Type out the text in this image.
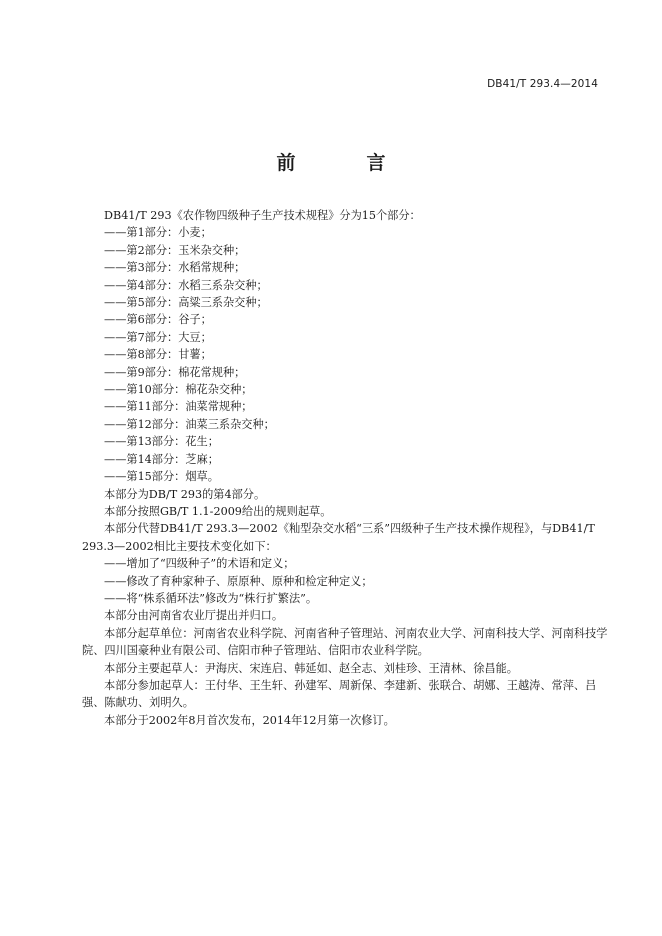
DB41/T 293.4—2014
前　言

DB41/T 293《农作物四级种子生产技术规程》分为15个部分：

——第1部分：小麦；

——第2部分：玉米杂交种；

——第3部分：水稻常规种；

——第4部分：水稻三系杂交种；

——第5部分：高粱三系杂交种；

——第6部分：谷子；

——第7部分：大豆；

——第8部分：甘薯；

——第9部分：棉花常规种；

——第10部分：棉花杂交种；

——第11部分：油菜常规种；

——第12部分：油菜三系杂交种；

——第13部分：花生；

——第14部分：芝麻；

——第15部分：烟草。

本部分为DB/T 293的第4部分。

本部分按照GB/T 1.1-2009给出的规则起草。

本部分代替DB41/T 293.3—2002《籼型杂交水稻“三系”四级种子生产技术操作规程》，与DB41/T 293.3—2002相比主要技术变化如下：

——增加了“四级种子”的术语和定义；

——修改了育种家种子、原原种、原种和检定种定义；

——将“株系循环法”修改为“株行扩繁法”。

本部分由河南省农业厅提出并归口。

本部分起草单位：河南省农业科学院、河南省种子管理站、河南农业大学、河南科技大学、河南科技学院、四川国豪种业有限公司、信阳市种子管理站、信阳市农业科学院。

本部分主要起草人：尹海庆、宋连启、韩延如、赵全志、刘桂珍、王清林、徐昌能。

本部分参加起草人：王付华、王生轩、孙建军、周新保、李建新、张联合、胡娜、王越涛、常萍、吕强、陈献功、刘明久。

本部分于2002年8月首次发布，2014年12月第一次修订。
